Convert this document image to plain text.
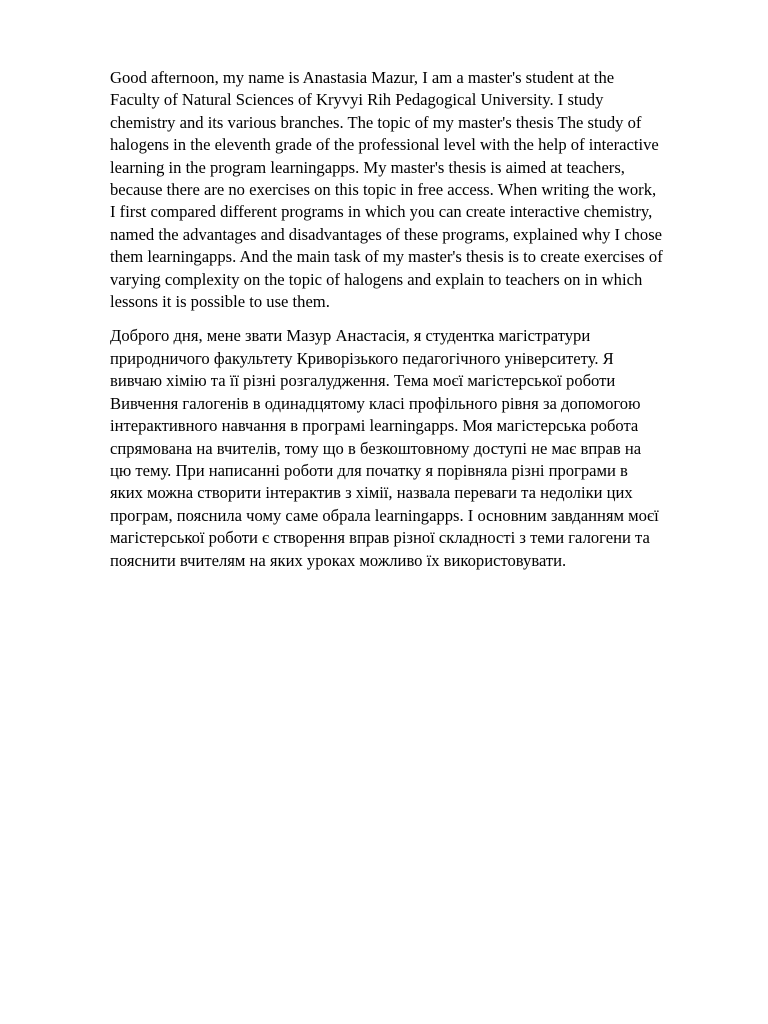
Good afternoon, my name is Anastasia Mazur, I am a master's student at the
Faculty of Natural Sciences of Kryvyi Rih Pedagogical University. I study
chemistry and its various branches. The topic of my master's thesis The study of
halogens in the eleventh grade of the professional level with the help of interactive
learning in the program learningapps. My master's thesis is aimed at teachers,
because there are no exercises on this topic in free access. When writing the work,
I first compared different programs in which you can create interactive chemistry,
named the advantages and disadvantages of these programs, explained why I chose
them learningapps. And the main task of my master's thesis is to create exercises of
varying complexity on the topic of halogens and explain to teachers on in which
lessons it is possible to use them.

Доброго дня, мене звати Мазур Анастасія, я студентка магістратури
природничого факультету Криворізького педагогічного університету. Я
вивчаю хімію та її різні розгалудження. Тема моєї магістерської роботи
Вивчення галогенів в одинадцятому класі профільного рівня за допомогою
інтерактивного навчання в програмі learningapps. Моя магістерська робота
спрямована на вчителів, тому що в безкоштовному доступі не має вправ на
цю тему. При написанні роботи для початку я порівняла різні програми в
яких можна створити інтерактив з хімії, назвала переваги та недоліки цих
програм, пояснила чому саме обрала learningapps. І основним завданням моєї
магістерської роботи є створення вправ різної складності з теми галогени та
пояснити вчителям на яких уроках можливо їх використовувати.
